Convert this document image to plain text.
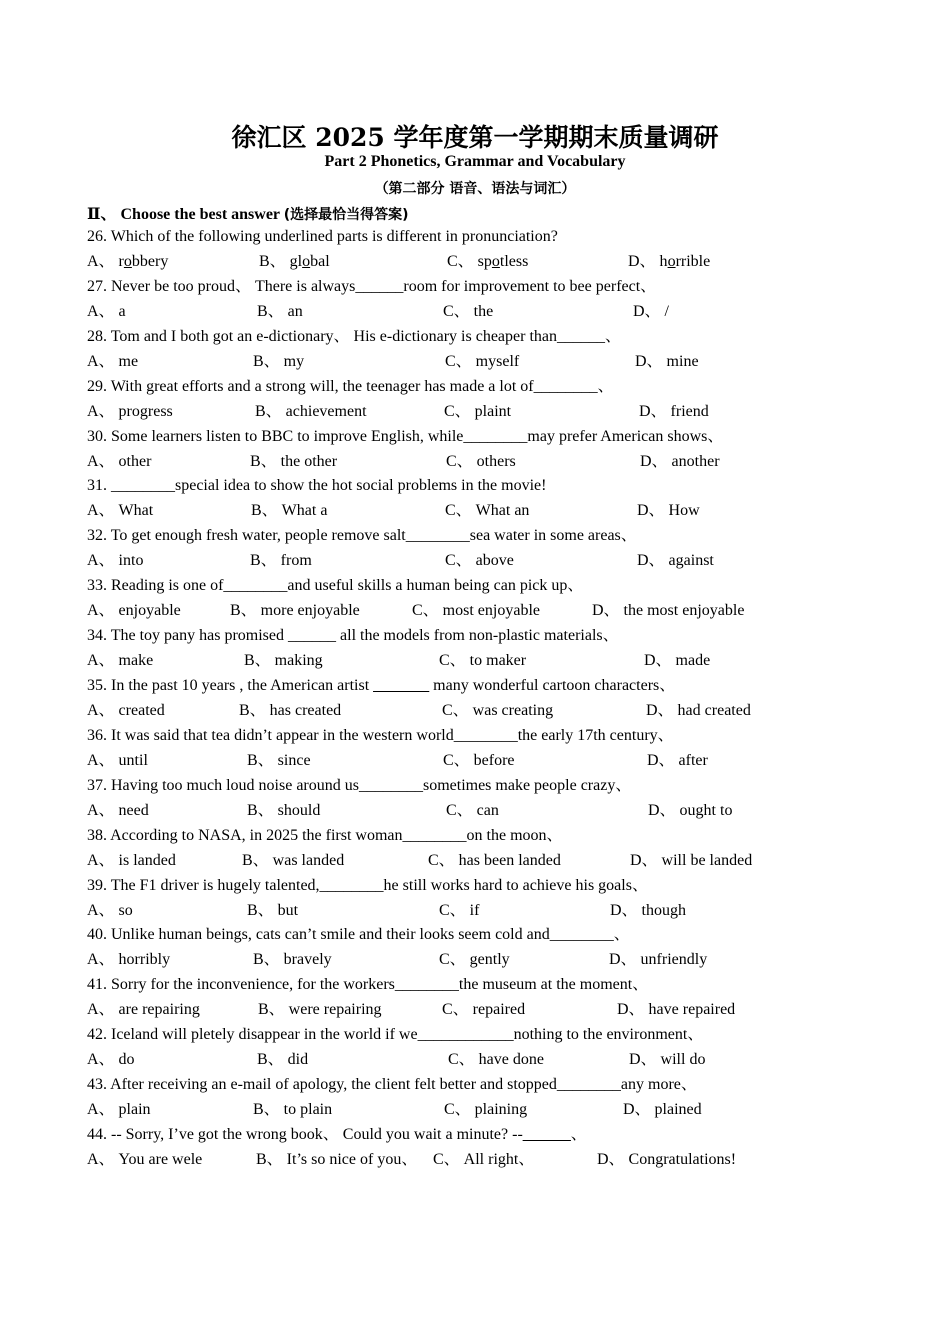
徐汇区 2025 学年度第一学期期末质量调研
Part 2 Phonetics, Grammar and Vocabulary
（第二部分 语音、语法与词汇）
Ⅱ、 Choose the best answer (选择最恰当得答案)
26. Which of the following underlined parts is different in pronunciation?
A、 robbery	B、 global	C、 spotless	D、 horrible
27. Never be too proud、 There is always______room for improvement to bee perfect、
A、 a	B、 an	C、 the	D、 /
28. Tom and I both got an e-dictionary、 His e-dictionary is cheaper than______、
A、 me	B、 my	C、 myself	D、 mine
29. With great efforts and a strong will, the teenager has made a lot of________、
A、 progress	B、 achievement	C、 plaint	D、 friend
30. Some learners listen to BBC to improve English, while________may prefer American shows、
A、 other	B、 the other	C、 others	D、 another
31. ________special idea to show the hot social problems in the movie!
A、 What	B、 What a	C、 What an	D、 How
32. To get enough fresh water, people remove salt________sea water in some areas、
A、 into	B、 from	C、 above	D、 against
33. Reading is one of________and useful skills a human being can pick up、
A、 enjoyable	B、 more enjoyable	C、 most enjoyable	D、 the most enjoyable
34. The toy pany has promised ______ all the models from non-plastic materials、
A、 make	B、 making	C、 to maker	D、 made
35. In the past 10 years , the American artist _______ many wonderful cartoon characters、
A、 created	B、 has created	C、 was creating	D、 had created
36. It was said that tea didn’t appear in the western world________the early 17th century、
A、 until	B、 since	C、 before	D、 after
37. Having too much loud noise around us________sometimes make people crazy、
A、 need	B、 should	C、 can	D、 ought to
38. According to NASA, in 2025 the first woman________on the moon、
A、 is landed	B、 was landed	C、 has been landed	D、 will be landed
39. The F1 driver is hugely talented,________he still works hard to achieve his goals、
A、 so	B、 but	C、 if	D、 though
40. Unlike human beings, cats can’t smile and their looks seem cold and________、
A、 horribly	B、 bravely	C、 gently	D、 unfriendly
41. Sorry for the inconvenience, for the workers________the museum at the moment、
A、 are repairing	B、 were repairing	C、 repaired	D、 have repaired
42. Iceland will pletely disappear in the world if we____________nothing to the environment、
A、 do	B、 did	C、 have done	D、 will do
43. After receiving an e-mail of apology, the client felt better and stopped________any more、
A、 plain	B、 to plain	C、 plaining	D、 plained
44. -- Sorry, I’ve got the wrong book、 Could you wait a minute? --______、
A、 You are wele	B、 It’s so nice of you、 C、 All right、	D、 Congratulations!
